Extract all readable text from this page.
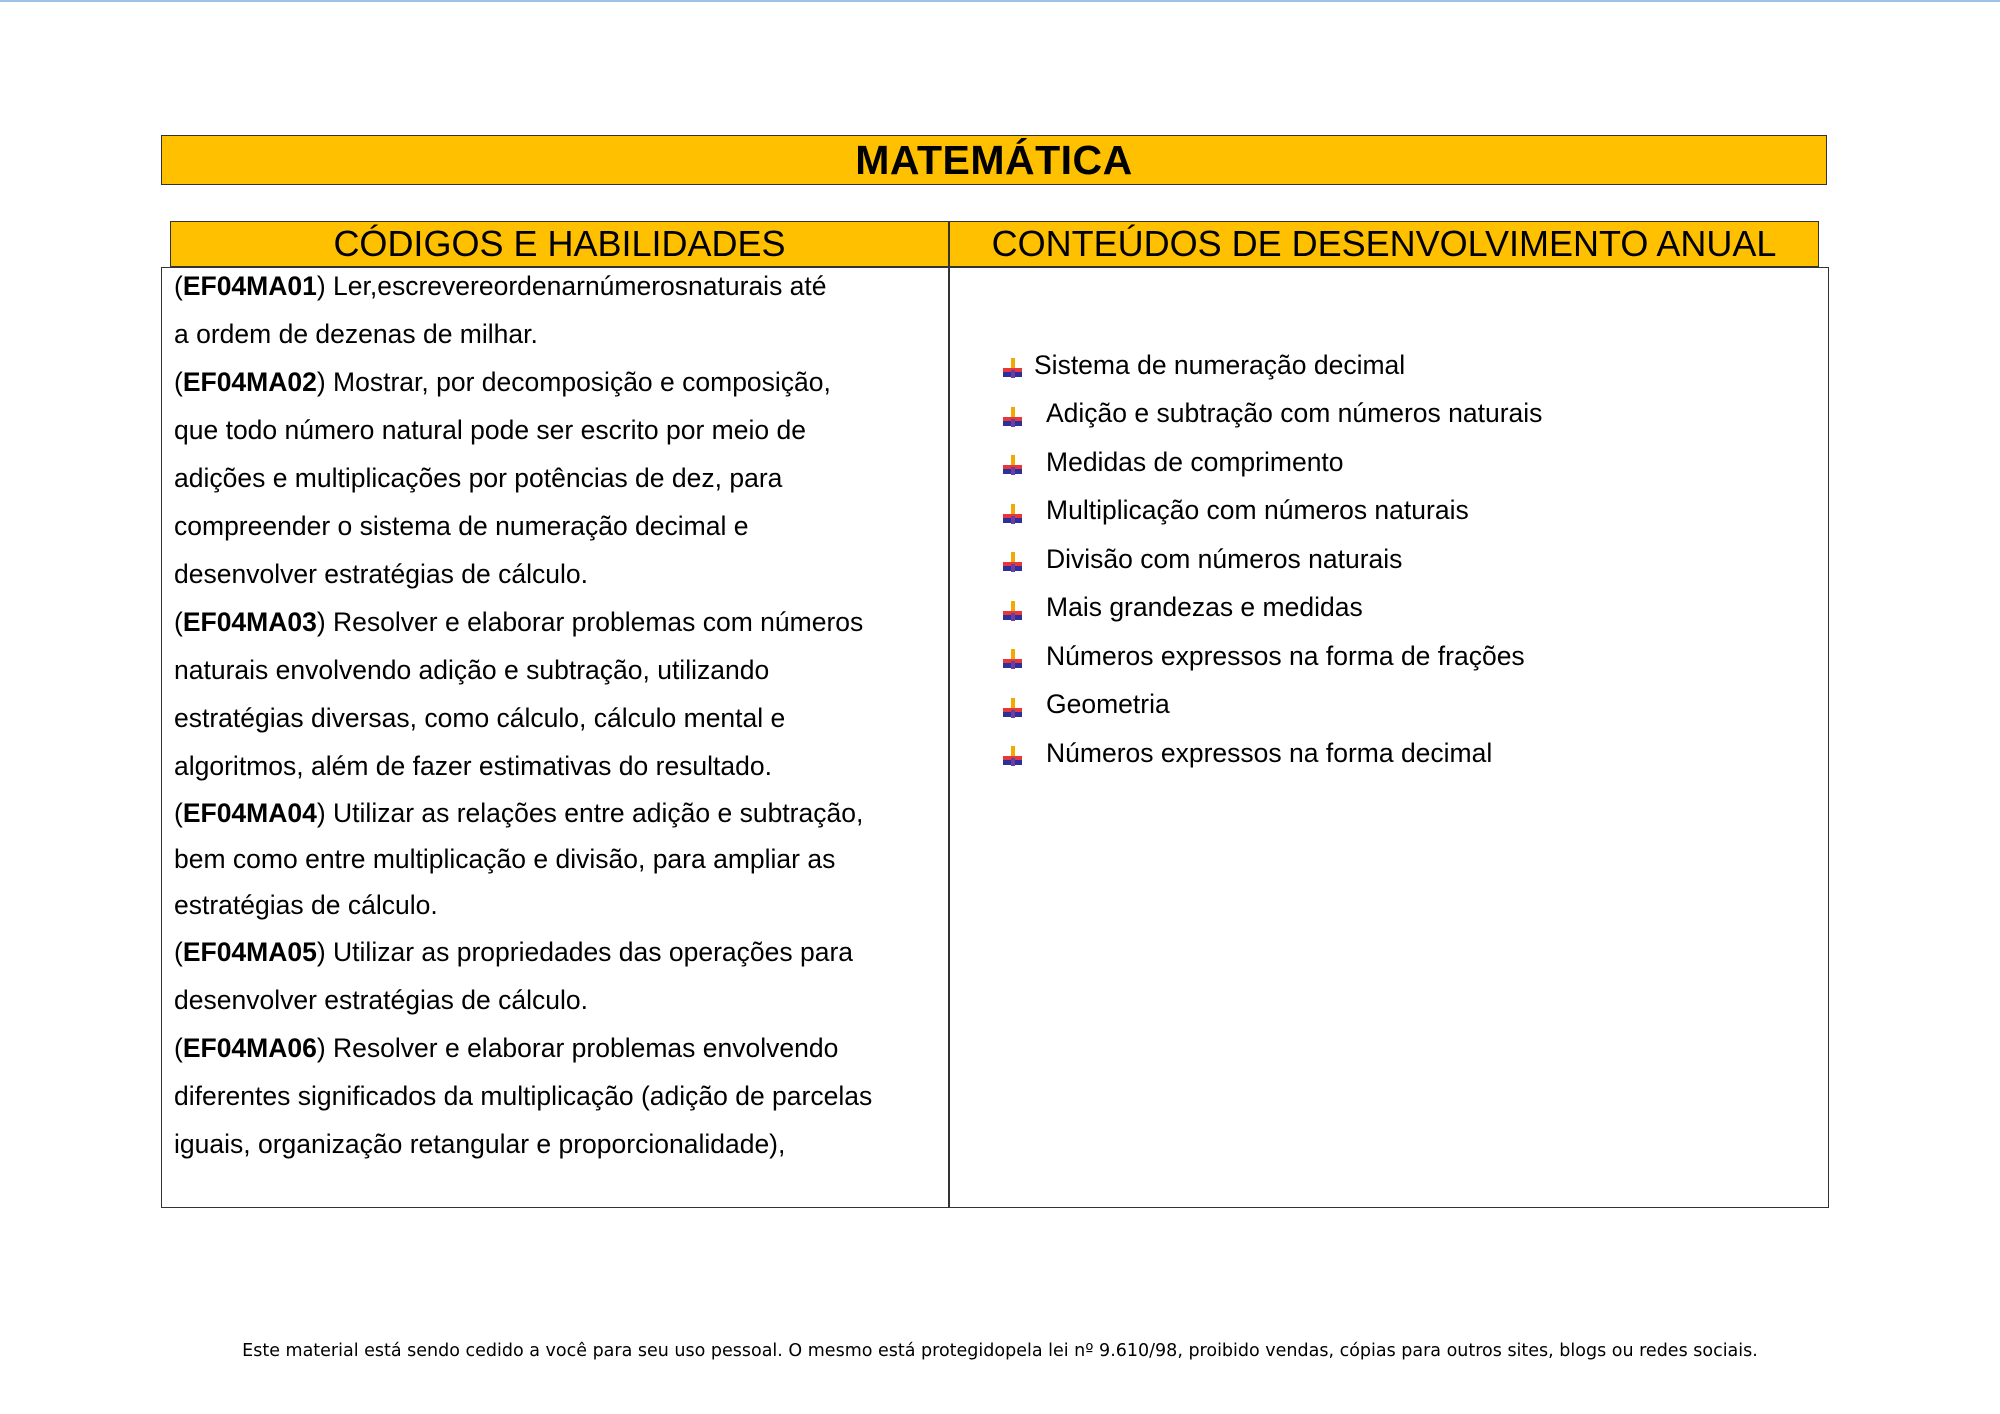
MATEMÁTICA
CÓDIGOS E HABILIDADES	CONTEÚDOS DE DESENVOLVIMENTO ANUAL
(EF04MA01) Ler,escrevereordenarnúmerosnaturais até
a ordem de dezenas de milhar.
(EF04MA02) Mostrar, por decomposição e composição,
que todo número natural pode ser escrito por meio de
adições e multiplicações por potências de dez, para
compreender o sistema de numeração decimal e
desenvolver estratégias de cálculo.
(EF04MA03) Resolver e elaborar problemas com números
naturais envolvendo adição e subtração, utilizando
estratégias diversas, como cálculo, cálculo mental e
algoritmos, além de fazer estimativas do resultado.
(EF04MA04) Utilizar as relações entre adição e subtração,
bem como entre multiplicação e divisão, para ampliar as
estratégias de cálculo.
(EF04MA05) Utilizar as propriedades das operações para
desenvolver estratégias de cálculo.
(EF04MA06) Resolver e elaborar problemas envolvendo
diferentes significados da multiplicação (adição de parcelas
iguais, organização retangular e proporcionalidade),
Sistema de numeração decimal
Adição e subtração com números naturais
Medidas de comprimento
Multiplicação com números naturais
Divisão com números naturais
Mais grandezas e medidas
Números expressos na forma de frações
Geometria
Números expressos na forma decimal
Este material está sendo cedido a você para seu uso pessoal. O mesmo está protegidopela lei nº 9.610/98, proibido vendas, cópias para outros sites, blogs ou redes sociais.
